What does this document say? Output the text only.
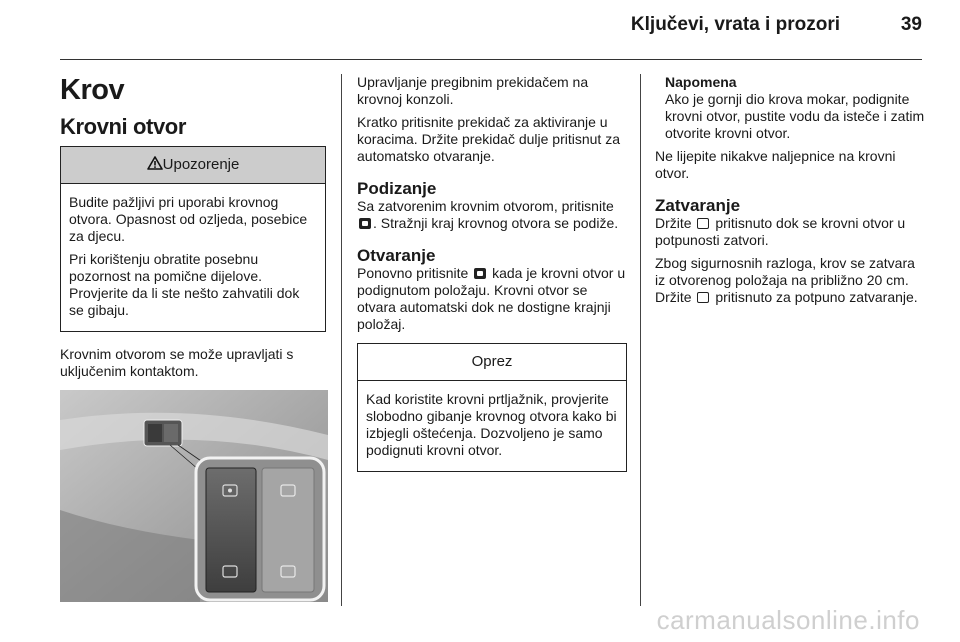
Ključevi, vrata i prozori	39
Krov
Krovni otvor
Upozorenje

Budite pažljivi pri uporabi krovnog otvora. Opasnost od ozljeda, posebice za djecu.

Pri korištenju obratite posebnu pozornost na pomične dijelove. Provjerite da li ste nešto zahvatili dok se gibaju.

Krovnim otvorom se može upravljati s uključenim kontaktom.

Upravljanje pregibnim prekidačem na krovnoj konzoli.

Kratko pritisnite prekidač za aktiviranje u koracima. Držite prekidač dulje pritisnut za automatsko otvaranje.

Podizanje

Sa zatvorenim krovnim otvorom, pritisnite . Stražnji kraj krovnog otvora se podiže.

Otvaranje

Ponovno pritisnite  kada je krovni otvor u podignutom položaju. Krovni otvor se otvara automatski dok ne dostigne krajnji položaj.

Oprez

Kad koristite krovni prtljažnik, provjerite slobodno gibanje krovnog otvora kako bi izbjegli oštećenja. Dozvoljeno je samo podignuti krovni otvor.

Napomena

Ako je gornji dio krova mokar, podignite krovni otvor, pustite vodu da isteče i zatim otvorite krovni otvor.

Ne lijepite nikakve naljepnice na krovni otvor.

Zatvaranje

Držite  pritisnuto dok se krovni otvor u potpunosti zatvori.

Zbog sigurnosnih razloga, krov se zatvara iz otvorenog položaja na približno 20 cm. Držite  pritisnuto za potpuno zatvaranje.

carmanualsonline.info
